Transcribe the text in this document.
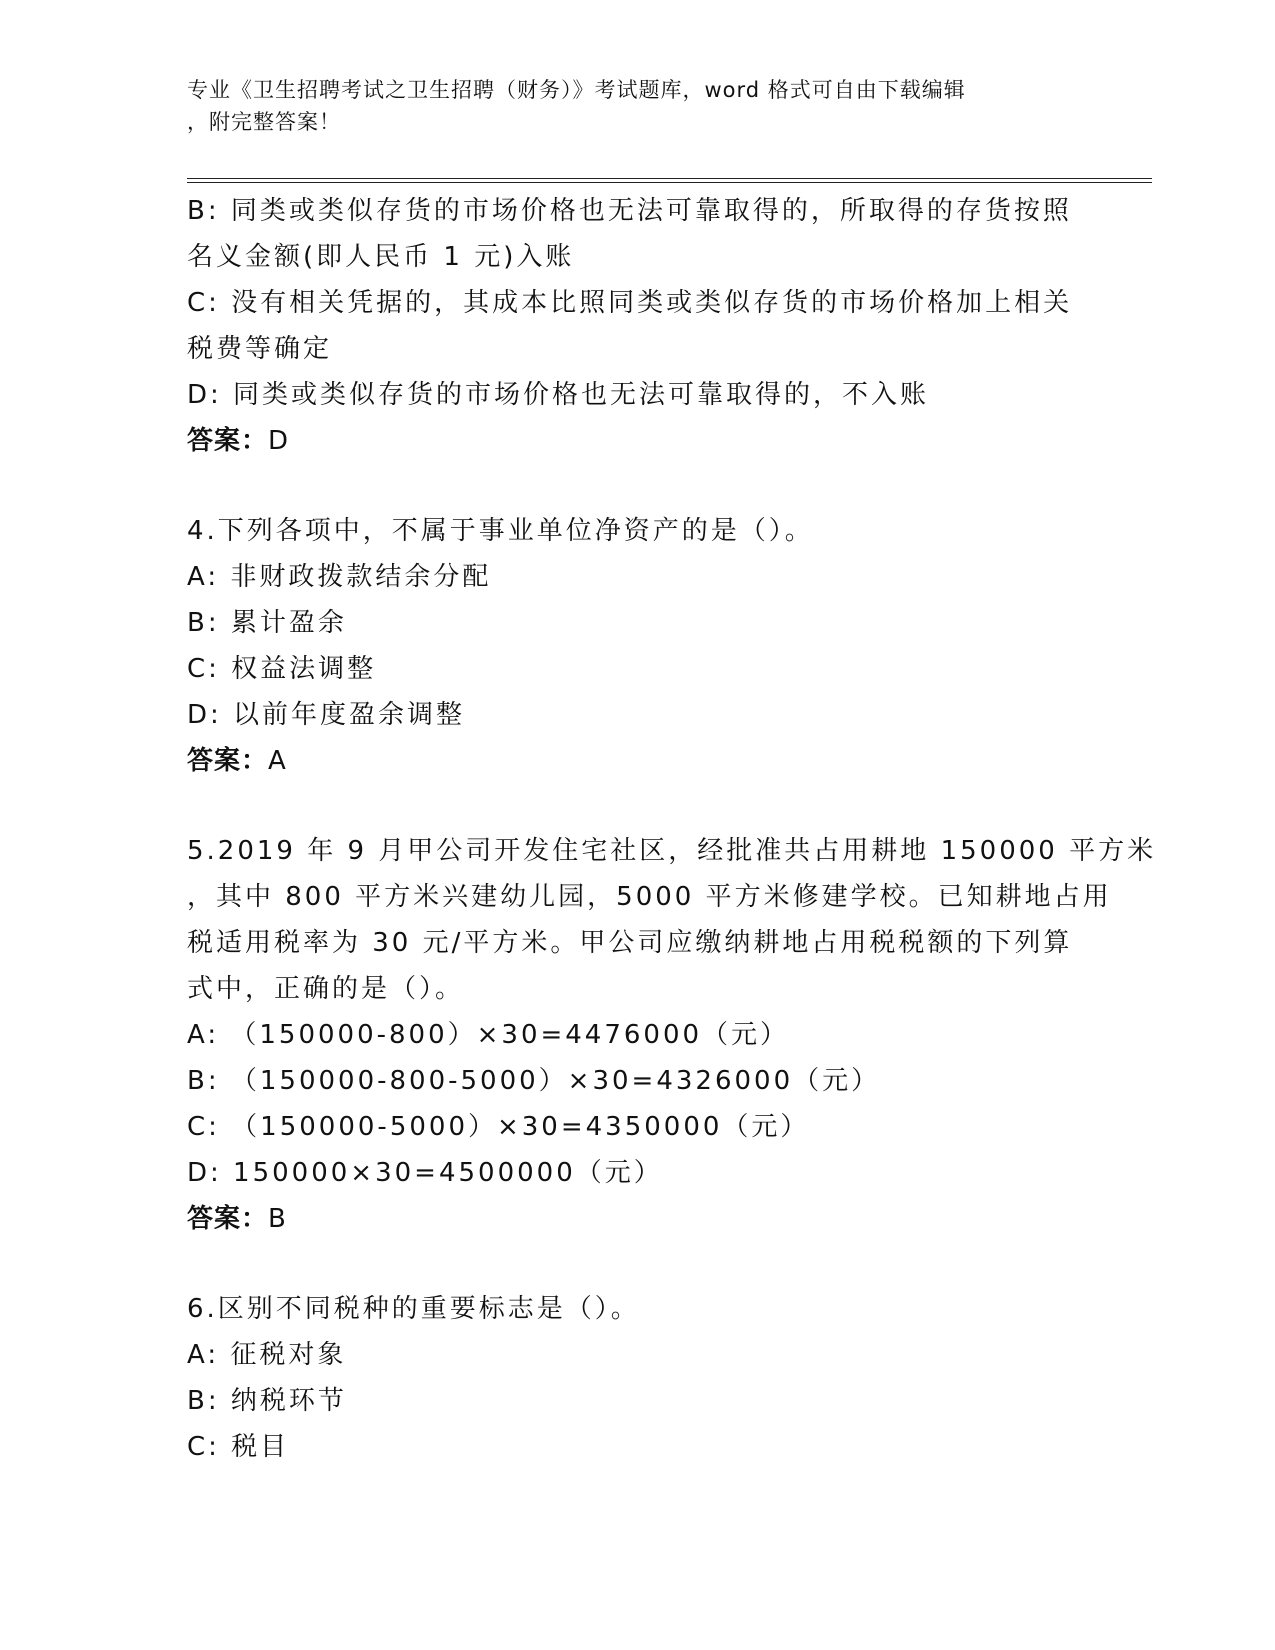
专业《卫生招聘考试之卫生招聘（财务）》考试题库，word 格式可自由下载编辑
，附完整答案！
B: 同类或类似存货的市场价格也无法可靠取得的，所取得的存货按照
名义金额(即人民币 1 元)入账
C: 没有相关凭据的，其成本比照同类或类似存货的市场价格加上相关
税费等确定
D: 同类或类似存货的市场价格也无法可靠取得的，不入账
答案：D
4.下列各项中，不属于事业单位净资产的是（）。
A: 非财政拨款结余分配
B: 累计盈余
C: 权益法调整
D: 以前年度盈余调整
答案：A
5.2019 年 9 月甲公司开发住宅社区，经批准共占用耕地 150000 平方米
，其中 800 平方米兴建幼儿园，5000 平方米修建学校。已知耕地占用
税适用税率为 30 元/平方米。甲公司应缴纳耕地占用税税额的下列算
式中，正确的是（）。
A: （150000-800）×30=4476000（元）
B: （150000-800-5000）×30=4326000（元）
C: （150000-5000）×30=4350000（元）
D: 150000×30=4500000（元）
答案：B
6.区别不同税种的重要标志是（）。
A: 征税对象
B: 纳税环节
C: 税目
